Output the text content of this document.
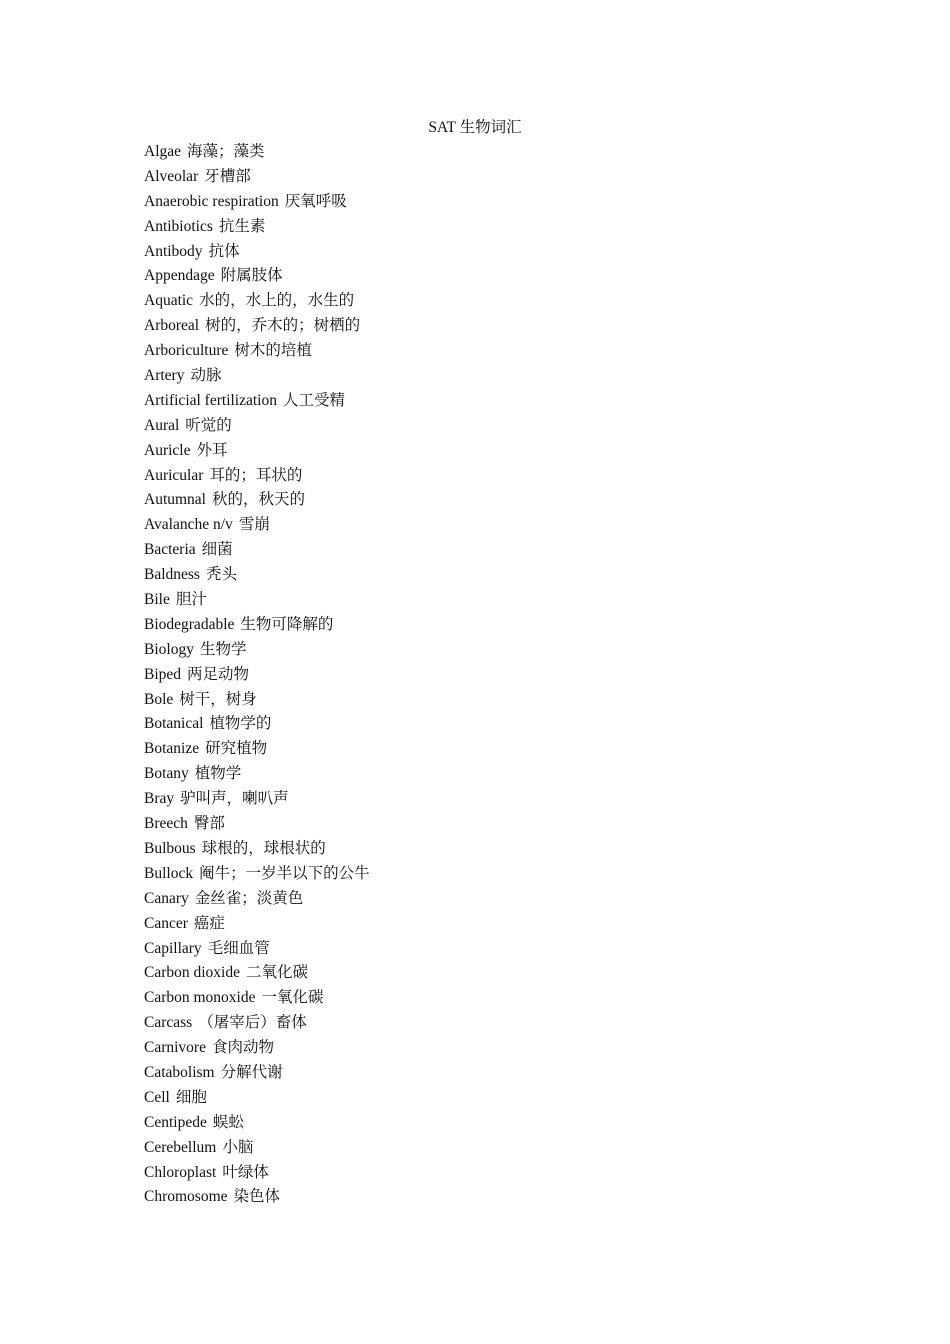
SAT 生物词汇
Algae 海藻；藻类
Alveolar 牙槽部
Anaerobic respiration 厌氧呼吸
Antibiotics 抗生素
Antibody 抗体
Appendage 附属肢体
Aquatic 水的，水上的，水生的
Arboreal 树的，乔木的；树栖的
Arboriculture 树木的培植
Artery 动脉
Artificial fertilization 人工受精
Aural 听觉的
Auricle 外耳
Auricular 耳的；耳状的
Autumnal 秋的，秋天的
Avalanche n/v 雪崩
Bacteria 细菌
Baldness 秃头
Bile 胆汁
Biodegradable 生物可降解的
Biology 生物学
Biped 两足动物
Bole 树干，树身
Botanical 植物学的
Botanize 研究植物
Botany 植物学
Bray 驴叫声，喇叭声
Breech 臀部
Bulbous 球根的，球根状的
Bullock 阉牛；一岁半以下的公牛
Canary 金丝雀；淡黄色
Cancer 癌症
Capillary 毛细血管
Carbon dioxide 二氧化碳
Carbon monoxide 一氧化碳
Carcass （屠宰后）畜体
Carnivore 食肉动物
Catabolism 分解代谢
Cell 细胞
Centipede 蜈蚣
Cerebellum 小脑
Chloroplast 叶绿体
Chromosome 染色体
